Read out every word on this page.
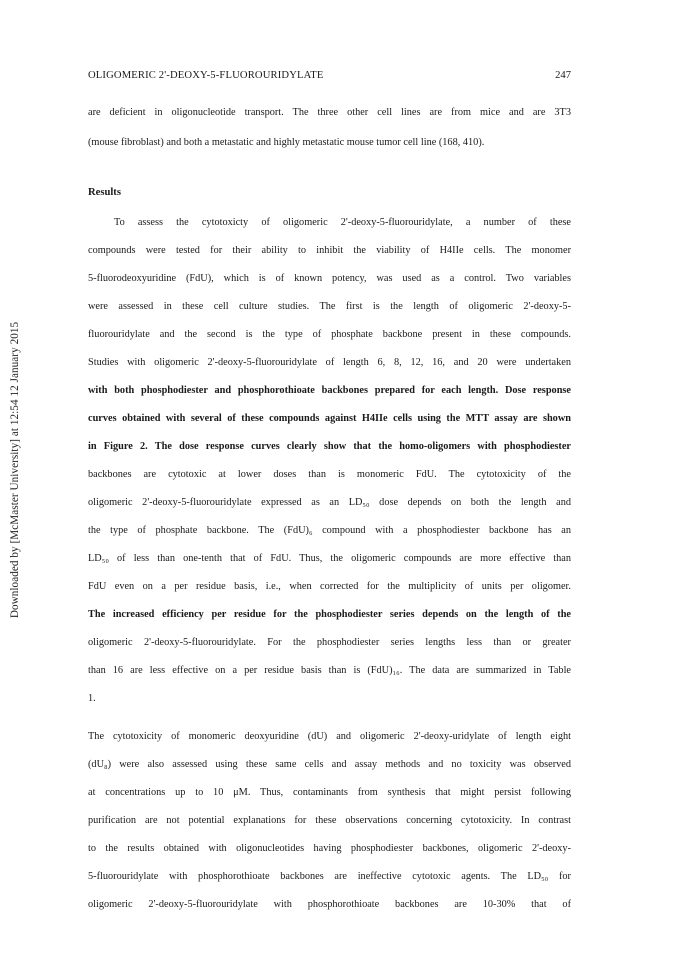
Downloaded by [McMaster University] at 12:54 12 January 2015
OLIGOMERIC 2'-DEOXY-5-FLUOROURIDYLATE	247
are deficient in oligonucleotide transport. The three other cell lines are from mice and are 3T3
(mouse fibroblast) and both a metastatic and highly metastatic mouse tumor cell line (168, 410).
Results
To assess the cytotoxicty of oligomeric 2'-deoxy-5-fluorouridylate, a number of these
compounds were tested for their ability to inhibit the viability of H4IIe cells. The monomer
5-fluorodeoxyuridine (FdU), which is of known potency, was used as a control. Two variables
were assessed in these cell culture studies. The first is the length of oligomeric 2'-deoxy-5-
fluorouridylate and the second is the type of phosphate backbone present in these compounds.
Studies with oligomeric 2'-deoxy-5-fluorouridylate of length 6, 8, 12, 16, and 20 were undertaken
with both phosphodiester and phosphorothioate backbones prepared for each length. Dose response
curves obtained with several of these compounds against H4IIe cells using the MTT assay are shown
in Figure 2. The dose response curves clearly show that the homo-oligomers with phosphodiester
backbones are cytotoxic at lower doses than is monomeric FdU. The cytotoxicity of the
oligomeric 2'-deoxy-5-fluorouridylate expressed as an LD₅₀ dose depends on both the length and
the type of phosphate backbone. The (FdU)₆ compound with a phosphodiester backbone has an
LD₅₀ of less than one-tenth that of FdU. Thus, the oligomeric compounds are more effective than
FdU even on a per residue basis, i.e., when corrected for the multiplicity of units per oligomer.
The increased efficiency per residue for the phosphodiester series depends on the length of the
oligomeric 2'-deoxy-5-fluorouridylate. For the phosphodiester series lengths less than or greater
than 16 are less effective on a per residue basis than is (FdU)₁₆. The data are summarized in Table
1.
The cytotoxicity of monomeric deoxyuridine (dU) and oligomeric 2'-deoxy-uridylate of length eight
(dU₈) were also assessed using these same cells and assay methods and no toxicity was observed
at concentrations up to 10 μM. Thus, contaminants from synthesis that might persist following
purification are not potential explanations for these observations concerning cytotoxicity. In contrast
to the results obtained with oligonucleotides having phosphodiester backbones, oligomeric 2'-deoxy-
5-fluorouridylate with phosphorothioate backbones are ineffective cytotoxic agents. The LD₅₀ for
oligomeric 2'-deoxy-5-fluorouridylate with phosphorothioate backbones are 10-30% that of
